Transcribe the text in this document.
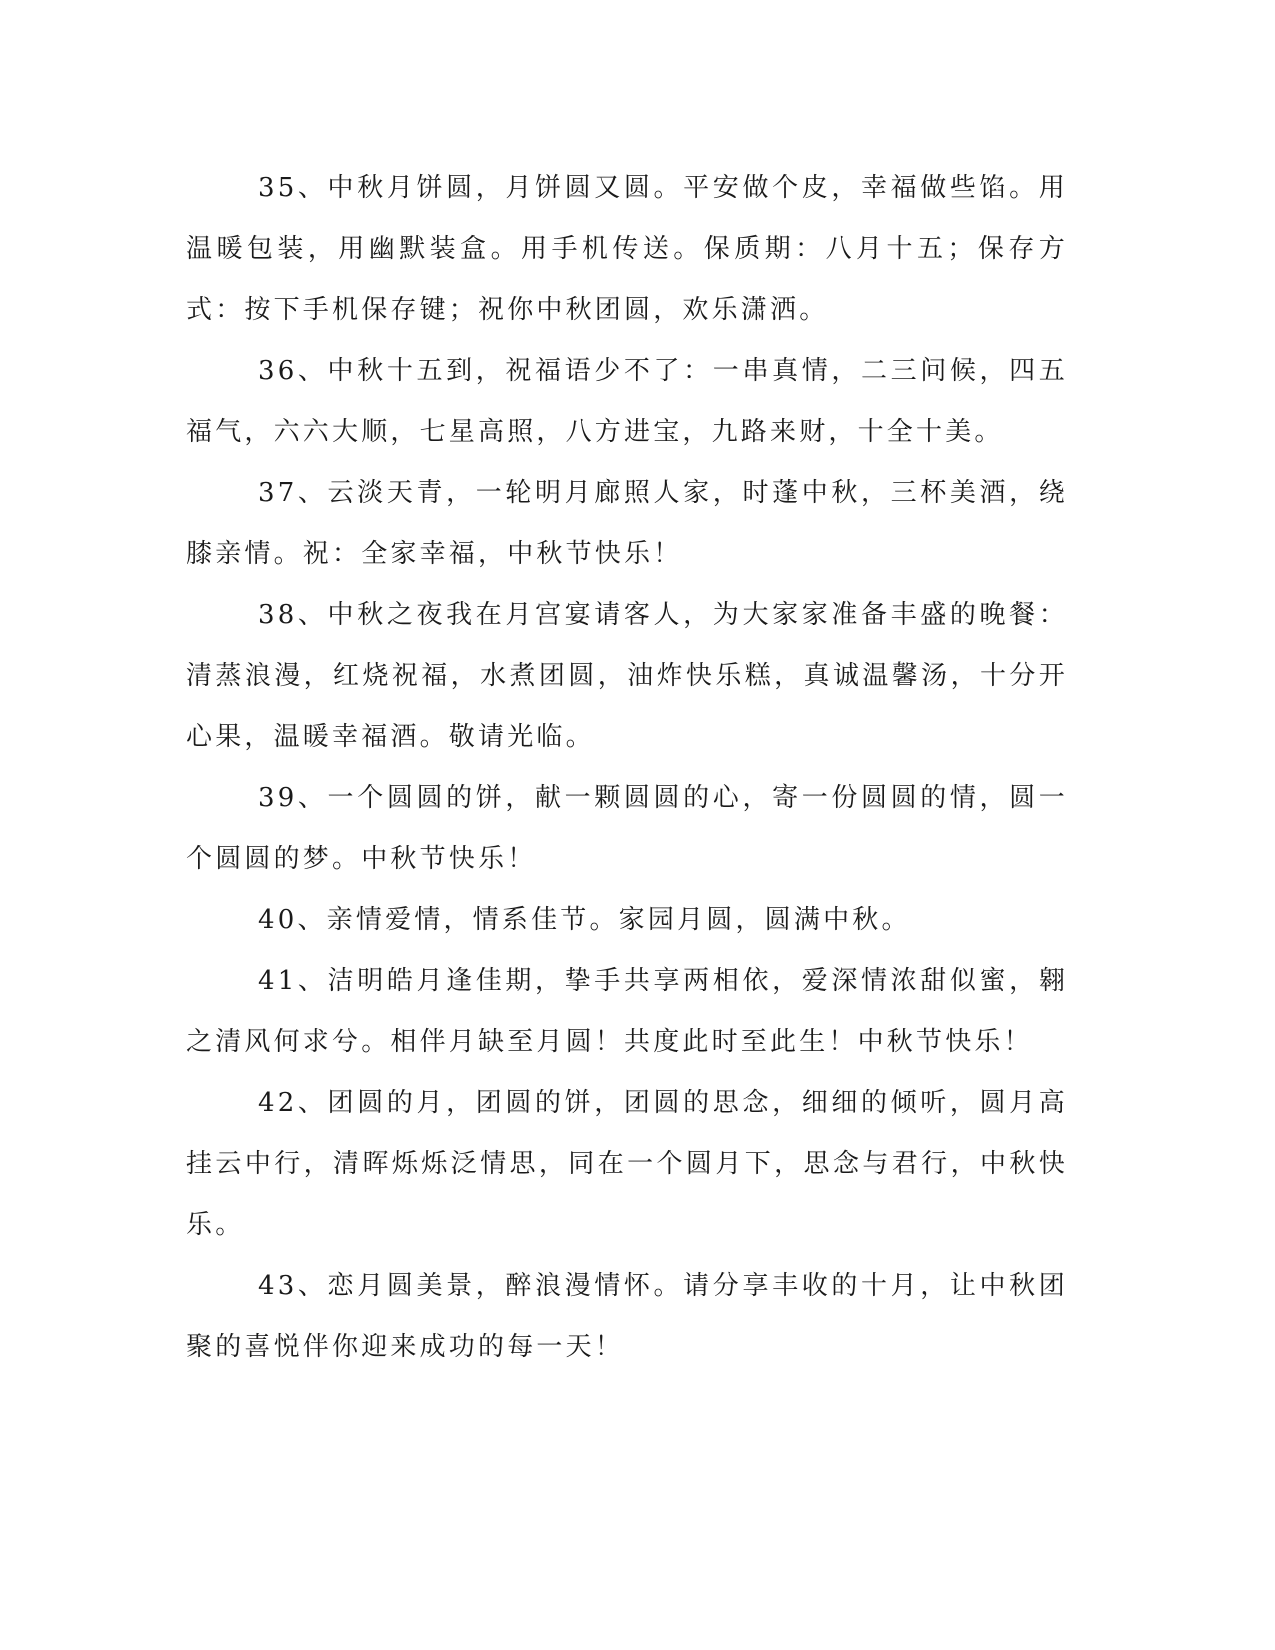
35、中秋月饼圆，月饼圆又圆。平安做个皮，幸福做些馅。用温暖包装，用幽默装盒。用手机传送。保质期：八月十五；保存方式：按下手机保存键；祝你中秋团圆，欢乐潇洒。

36、中秋十五到，祝福语少不了：一串真情，二三问候，四五福气，六六大顺，七星高照，八方进宝，九路来财，十全十美。

37、云淡天青，一轮明月廊照人家，时蓬中秋，三杯美酒，绕膝亲情。祝：全家幸福，中秋节快乐！

38、中秋之夜我在月宫宴请客人，为大家家准备丰盛的晚餐：清蒸浪漫，红烧祝福，水煮团圆，油炸快乐糕，真诚温馨汤，十分开心果，温暖幸福酒。敬请光临。

39、一个圆圆的饼，献一颗圆圆的心，寄一份圆圆的情，圆一个圆圆的梦。中秋节快乐！

40、亲情爱情，情系佳节。家园月圆，圆满中秋。

41、洁明皓月逢佳期，挚手共享两相依，爱深情浓甜似蜜，翱之清风何求兮。相伴月缺至月圆！共度此时至此生！中秋节快乐！

42、团圆的月，团圆的饼，团圆的思念，细细的倾听，圆月高挂云中行，清晖烁烁泛情思，同在一个圆月下，思念与君行，中秋快乐。

43、恋月圆美景，醉浪漫情怀。请分享丰收的十月，让中秋团聚的喜悦伴你迎来成功的每一天！
